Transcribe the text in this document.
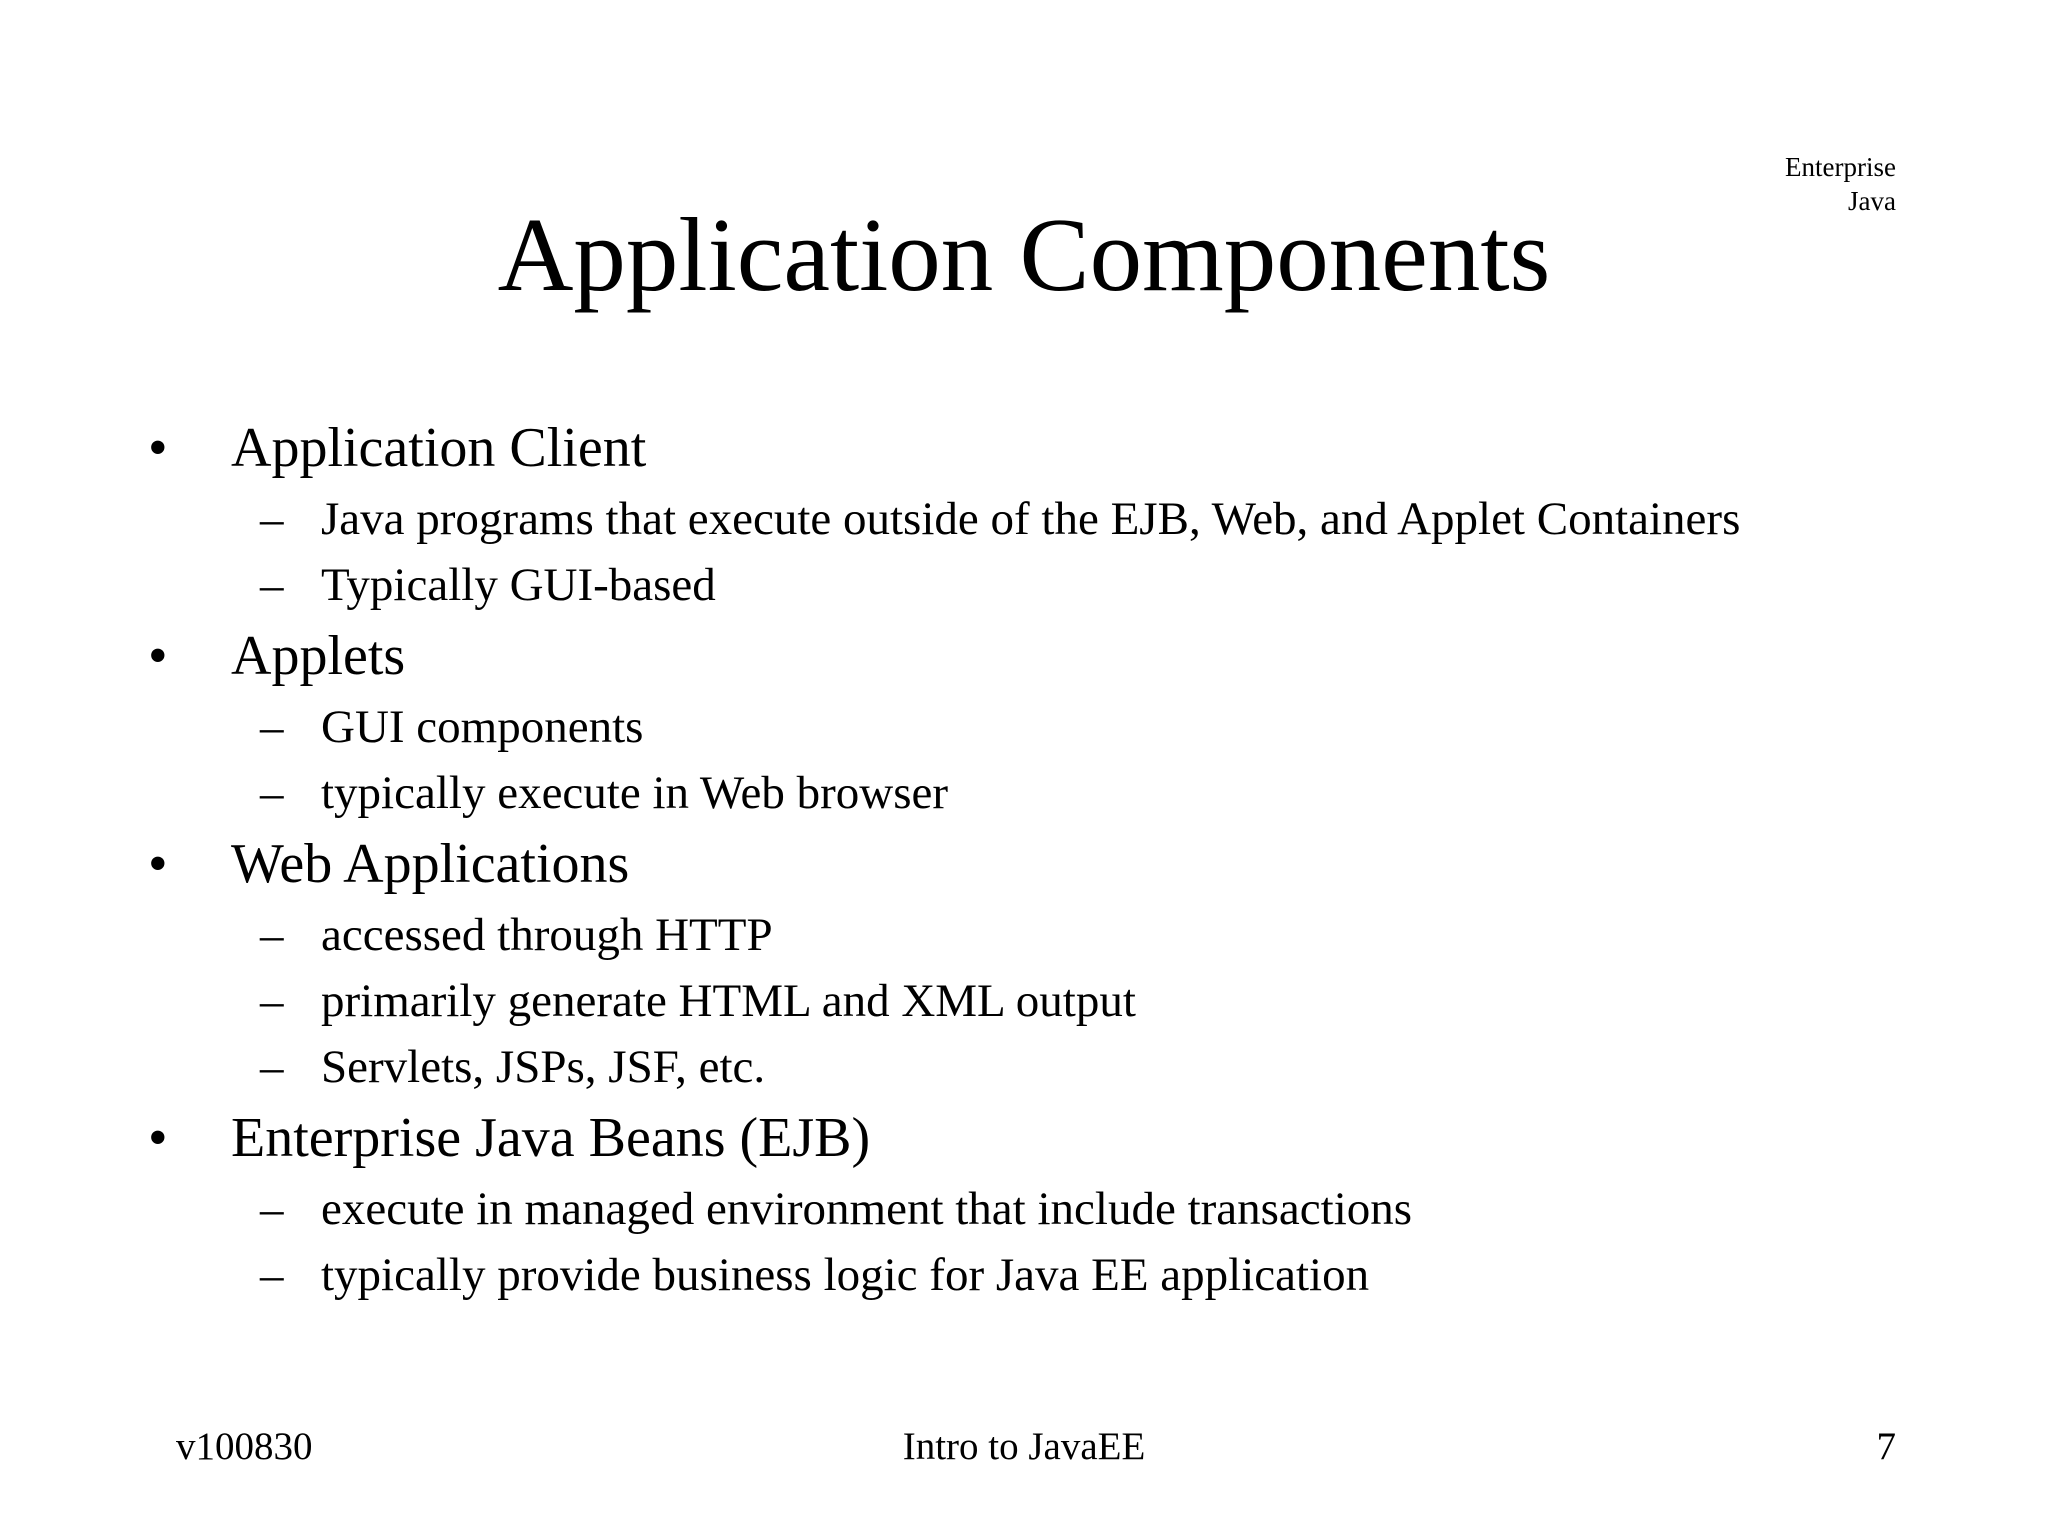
Enterprise
Java
Application Components
• Application Client
– Java programs that execute outside of the EJB, Web, and Applet Containers
– Typically GUI-based
• Applets
– GUI components
– typically execute in Web browser
• Web Applications
– accessed through HTTP
– primarily generate HTML and XML output
– Servlets, JSPs, JSF, etc.
• Enterprise Java Beans (EJB)
– execute in managed environment that include transactions
– typically provide business logic for Java EE application
v100830	Intro to JavaEE	7
